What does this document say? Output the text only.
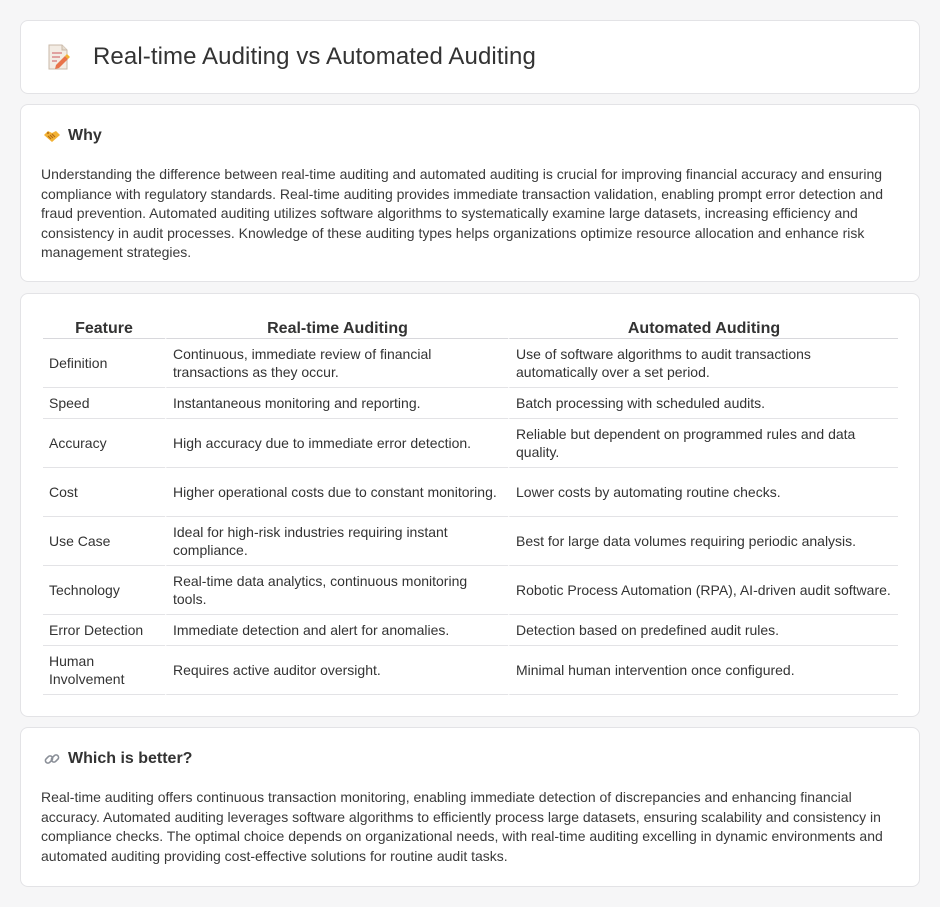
Real-time Auditing vs Automated Auditing
Why

Understanding the difference between real-time auditing and automated auditing is crucial for improving financial accuracy and ensuring compliance with regulatory standards. Real-time auditing provides immediate transaction validation, enabling prompt error detection and fraud prevention. Automated auditing utilizes software algorithms to systematically examine large datasets, increasing efficiency and consistency in audit processes. Knowledge of these auditing types helps organizations optimize resource allocation and enhance risk management strategies.

Feature	Real-time Auditing	Automated Auditing
Definition	Continuous, immediate review of financial transactions as they occur.	Use of software algorithms to audit transactions automatically over a set period.
Speed	Instantaneous monitoring and reporting.	Batch processing with scheduled audits.
Accuracy	High accuracy due to immediate error detection.	Reliable but dependent on programmed rules and data quality.
Cost	Higher operational costs due to constant monitoring.	Lower costs by automating routine checks.
Use Case	Ideal for high-risk industries requiring instant compliance.	Best for large data volumes requiring periodic analysis.
Technology	Real-time data analytics, continuous monitoring tools.	Robotic Process Automation (RPA), AI-driven audit software.
Error Detection	Immediate detection and alert for anomalies.	Detection based on predefined audit rules.
Human Involvement	Requires active auditor oversight.	Minimal human intervention once configured.
Which is better?

Real-time auditing offers continuous transaction monitoring, enabling immediate detection of discrepancies and enhancing financial accuracy. Automated auditing leverages software algorithms to efficiently process large datasets, ensuring scalability and consistency in compliance checks. The optimal choice depends on organizational needs, with real-time auditing excelling in dynamic environments and automated auditing providing cost-effective solutions for routine audit tasks.
